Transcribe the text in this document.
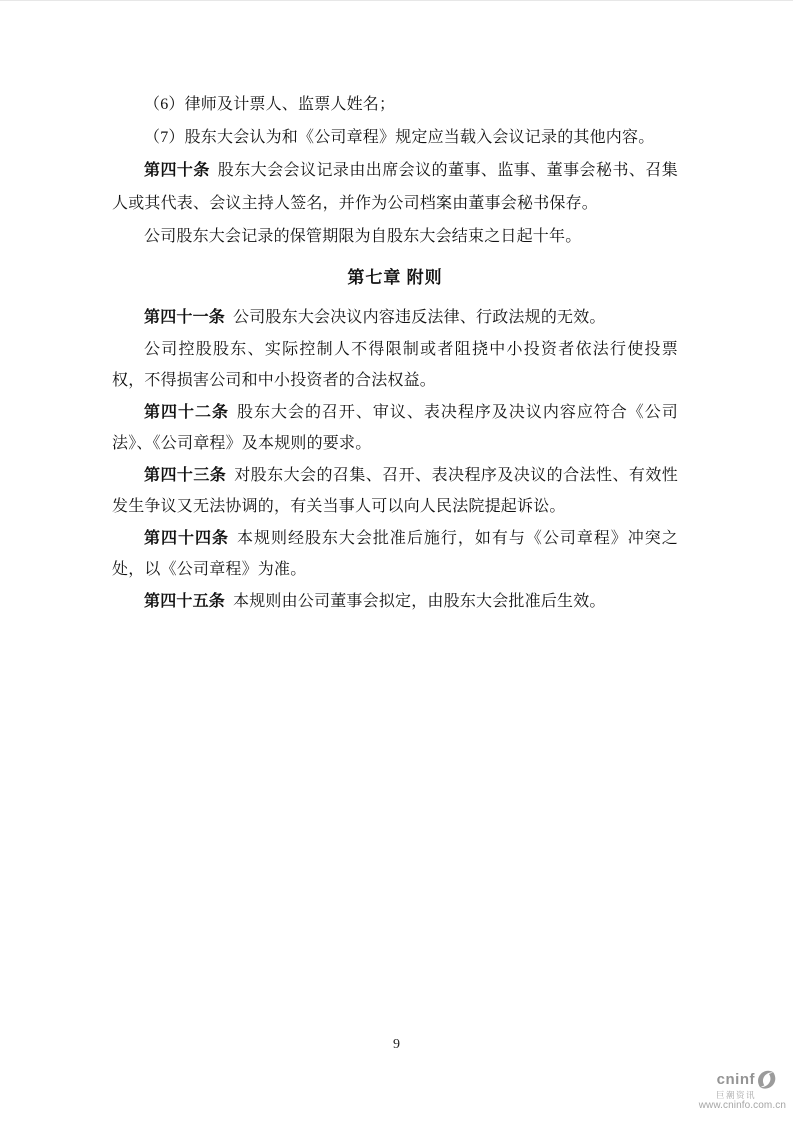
（6）律师及计票人、监票人姓名；

（7）股东大会认为和《公司章程》规定应当载入会议记录的其他内容。

第四十条 股东大会会议记录由出席会议的董事、监事、董事会秘书、召集人或其代表、会议主持人签名，并作为公司档案由董事会秘书保存。

公司股东大会记录的保管期限为自股东大会结束之日起十年。

第七章 附则

第四十一条 公司股东大会决议内容违反法律、行政法规的无效。

公司控股股东、实际控制人不得限制或者阻挠中小投资者依法行使投票权，不得损害公司和中小投资者的合法权益。

第四十二条 股东大会的召开、审议、表决程序及决议内容应符合《公司法》、《公司章程》及本规则的要求。

第四十三条 对股东大会的召集、召开、表决程序及决议的合法性、有效性发生争议又无法协调的，有关当事人可以向人民法院提起诉讼。

第四十四条 本规则经股东大会批准后施行，如有与《公司章程》冲突之处，以《公司章程》为准。

第四十五条 本规则由公司董事会拟定，由股东大会批准后生效。

9
cninf
巨潮资讯
www.cninfo.com.cn
